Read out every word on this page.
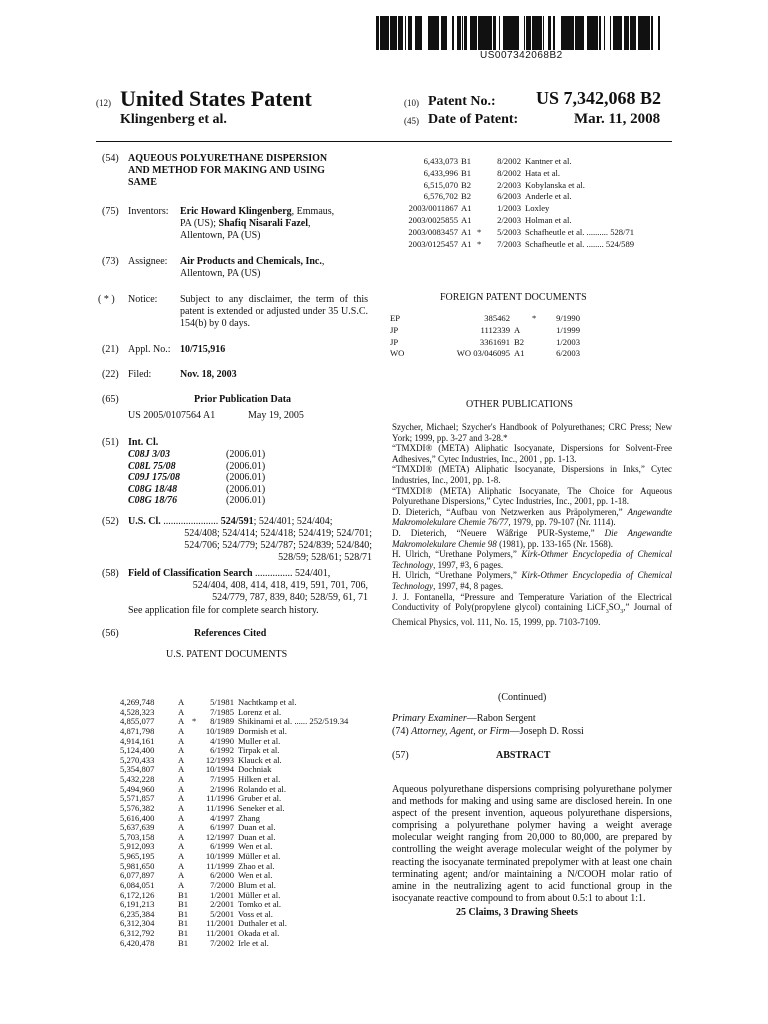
US007342068B2
(12) United States Patent
Klingenberg et al.
(10) Patent No.: US 7,342,068 B2
(45) Date of Patent:	Mar. 11, 2008
(54) AQUEOUS POLYURETHANE DISPERSION
AND METHOD FOR MAKING AND USING
SAME
(75) Inventors: Eric Howard Klingenberg, Emmaus,
PA (US); Shafiq Nisarali Fazel,
Allentown, PA (US)
(73) Assignee: Air Products and Chemicals, Inc.,
Allentown, PA (US)
( * ) Notice: Subject to any disclaimer, the term of this patent is extended or adjusted under 35 U.S.C. 154(b) by 0 days.
(21) Appl. No.: 10/715,916
(22) Filed:	Nov. 18, 2003
(65)	Prior Publication Data
US 2005/0107564 A1	May 19, 2005
(51) Int. Cl.
C08J 3/03	(2006.01)
C08L 75/08	(2006.01)
C09J 175/08	(2006.01)
C08G 18/48	(2006.01)
C08G 18/76	(2006.01)
(52) U.S. Cl. ...................... 524/591; 524/401; 524/404;
524/408; 524/414; 524/418; 524/419; 524/701;
524/706; 524/779; 524/787; 524/839; 524/840;
528/59; 528/61; 528/71
(58) Field of Classification Search ............... 524/401,
524/404, 408, 414, 418, 419, 591, 701, 706,
524/779, 787, 839, 840; 528/59, 61, 71
See application file for complete search history.
(56)	References Cited
U.S. PATENT DOCUMENTS
4,269,748	A		5/1981	Nachtkamp et al.
4,528,323	A		7/1985	Lorenz et al.
4,855,077	A	*	8/1989	Shikinami et al. ...... 252/519.34
4,871,798	A		10/1989	Dormish et al.
4,914,161	A		4/1990	Muller et al.
5,124,400	A		6/1992	Tirpak et al.
5,270,433	A		12/1993	Klauck et al.
5,354,807	A		10/1994	Dochniak
5,432,228	A		7/1995	Hilken et al.
5,494,960	A		2/1996	Rolando et al.
5,571,857	A		11/1996	Gruber et al.
5,576,382	A		11/1996	Seneker et al.
5,616,400	A		4/1997	Zhang
5,637,639	A		6/1997	Duan et al.
5,703,158	A		12/1997	Duan et al.
5,912,093	A		6/1999	Wen et al.
5,965,195	A		10/1999	Müller et al.
5,981,650	A		11/1999	Zhao et al.
6,077,897	A		6/2000	Wen et al.
6,084,051	A		7/2000	Blum et al.
6,172,126	B1		1/2001	Müller et al.
6,191,213	B1		2/2001	Tomko et al.
6,235,384	B1		5/2001	Voss et al.
6,312,304	B1		11/2001	Duthaler et al.
6,312,792	B1		11/2001	Okada et al.
6,420,478	B1		7/2002	Irle et al.
6,433,073	B1		8/2002	Kantner et al.
6,433,996	B1		8/2002	Hata et al.
6,515,070	B2		2/2003	Kobylanska et al.
6,576,702	B2		6/2003	Anderle et al.
2003/0011867	A1		1/2003	Loxley
2003/0025855	A1		2/2003	Holman et al.
2003/0083457	A1	*	5/2003	Schafheutle et al. .......... 528/71
2003/0125457	A1	*	7/2003	Schafheutle et al. ........ 524/589
FOREIGN PATENT DOCUMENTS
EP	385462		*	9/1990
JP	1112339	A		1/1999
JP	3361691	B2		1/2003
WO	WO 03/046095	A1		6/2003
OTHER PUBLICATIONS
Szycher, Michael; Szycher's Handbook of Polyurethanes; CRC Press; New York; 1999, pp. 3-27 and 3-28.*
“TMXDI® (META) Aliphatic Isocyanate, Dispersions for Solvent-Free Adhesives,” Cytec Industries, Inc., 2001 , pp. 1-13.
“TMXDI® (META) Aliphatic Isocyanate, Dispersions in Inks,” Cytec Industries, Inc., 2001, pp. 1-8.
“TMXDI® (META) Aliphatic Isocyanate, The Choice for Aqueous Polyurethane Dispersions,” Cytec Industries, Inc., 2001, pp. 1-18.
D. Dieterich, “Aufbau von Netzwerken aus Präpolymeren,” Angewandte Makromolekulare Chemie 76/77, 1979, pp. 79-107 (Nr. 1114).
D. Dieterich, “Neuere Wäßrige PUR-Systeme,” Die Angewandte Makromolekulare Chemie 98 (1981), pp. 133-165 (Nr. 1568).
H. Ulrich, “Urethane Polymers,” Kirk-Othmer Encyclopedia of Chemical Technology, 1997, #3, 6 pages.
H. Ulrich, “Urethane Polymers,” Kirk-Othmer Encyclopedia of Chemical Technology, 1997, #4, 8 pages.
J. J. Fontanella, “Pressure and Temperature Variation of the Electrical Conductivity of Poly(propylene glycol) containing $LiCF_3SO_3$,” Journal of Chemical Physics, vol. 111, No. 15, 1999, pp. 7103-7109.
(Continued)
Primary Examiner—Rabon Sergent
(74) Attorney, Agent, or Firm—Joseph D. Rossi
(57)	ABSTRACT
Aqueous polyurethane dispersions comprising polyurethane polymer and methods for making and using same are disclosed herein. In one aspect of the present invention, aqueous polyurethane dispersions, comprising a polyurethane polymer having a weight average molecular weight ranging from 20,000 to 80,000, are prepared by controlling the weight average molecular weight of the polymer by reacting the isocyanate terminated prepolymer with at least one chain terminating agent; and/or maintaining a N/COOH molar ratio of amine in the neutralizing agent to acid functional group in the isocyanate reactive compound to from about 0.5:1 to about 1:1.
25 Claims, 3 Drawing Sheets
